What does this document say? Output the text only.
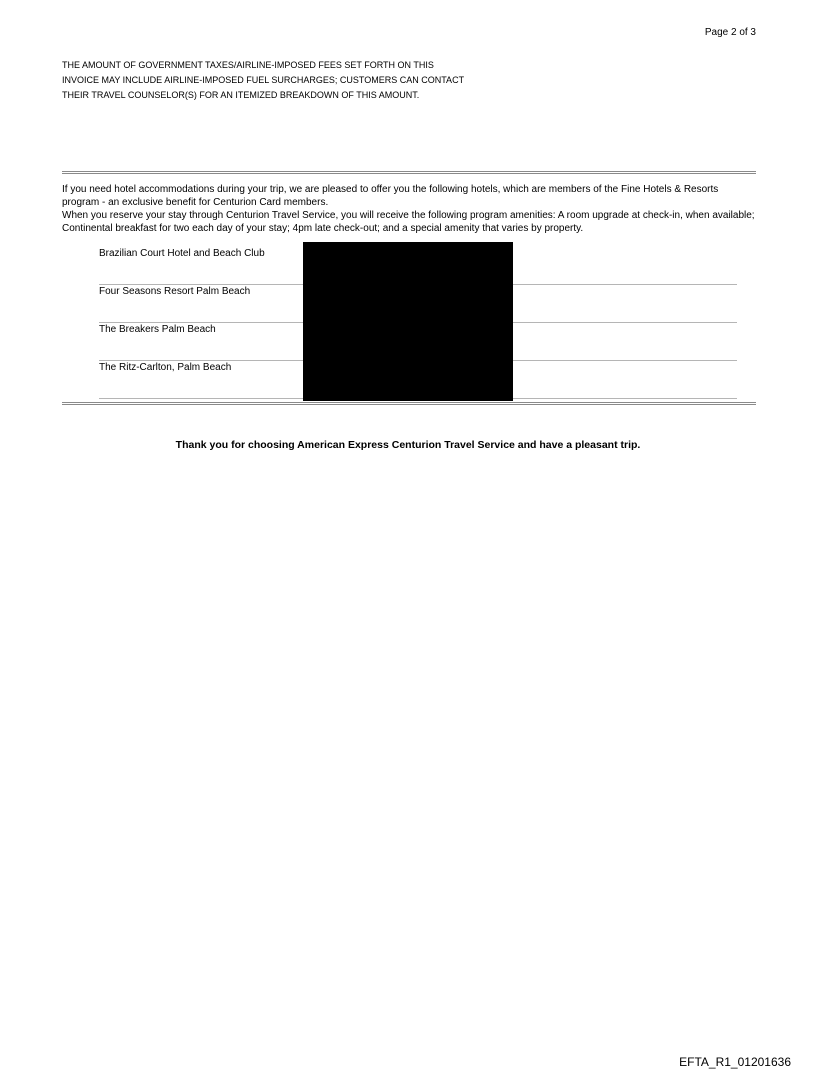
Page 2 of 3
THE AMOUNT OF GOVERNMENT TAXES/AIRLINE-IMPOSED FEES SET FORTH ON THIS INVOICE MAY INCLUDE AIRLINE-IMPOSED FUEL SURCHARGES; CUSTOMERS CAN CONTACT THEIR TRAVEL COUNSELOR(S) FOR AN ITEMIZED BREAKDOWN OF THIS AMOUNT.

If you need hotel accommodations during your trip, we are pleased to offer you the following hotels, which are members of the Fine Hotels & Resorts program - an exclusive benefit for Centurion Card members.

When you reserve your stay through Centurion Travel Service, you will receive the following program amenities: A room upgrade at check-in, when available; Continental breakfast for two each day of your stay; 4pm late check-out; and a special amenity that varies by property.

Brazilian Court Hotel and Beach Club
Four Seasons Resort Palm Beach
The Breakers Palm Beach
The Ritz-Carlton, Palm Beach
Thank you for choosing American Express Centurion Travel Service and have a pleasant trip.
EFTA_R1_01201636
